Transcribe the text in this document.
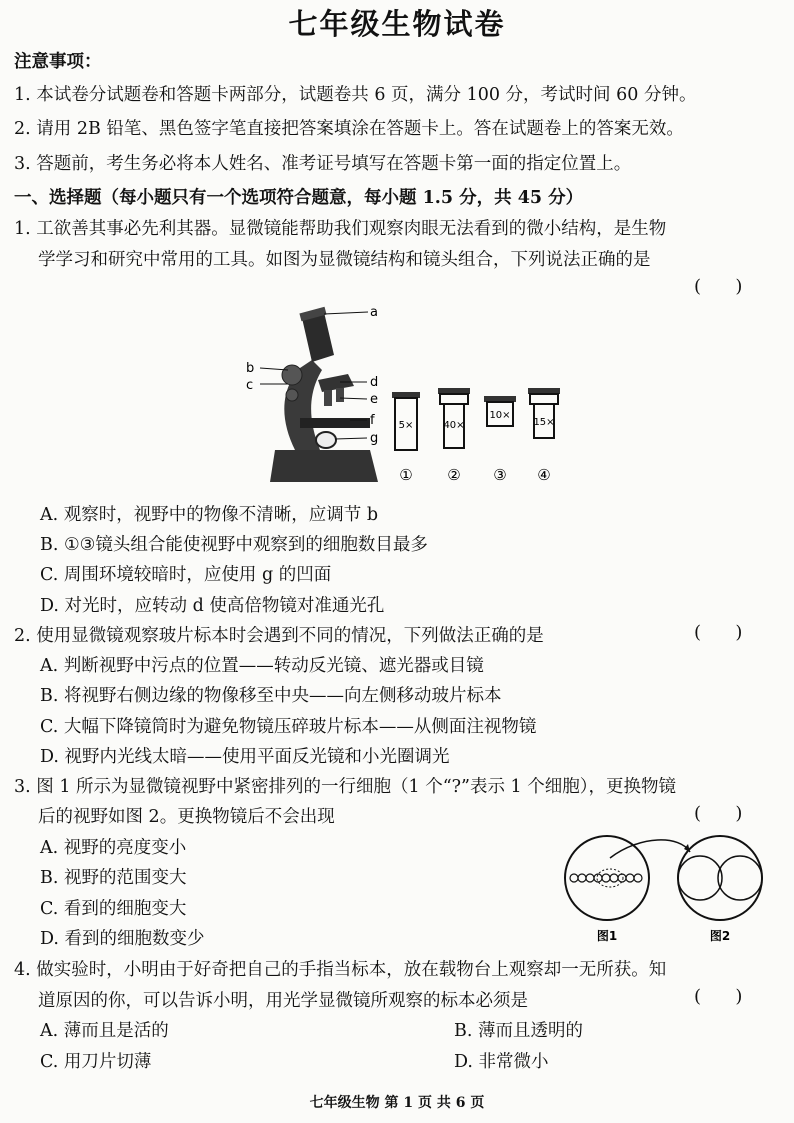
七年级生物试卷
注意事项：
1. 本试卷分试题卷和答题卡两部分，试题卷共 6 页，满分 100 分，考试时间 60 分钟。
2. 请用 2B 铅笔、黑色签字笔直接把答案填涂在答题卡上。答在试题卷上的答案无效。
3. 答题前，考生务必将本人姓名、准考证号填写在答题卡第一面的指定位置上。
一、选择题（每小题只有一个选项符合题意，每小题 1.5 分，共 45 分）
1. 工欲善其事必先利其器。显微镜能帮助我们观察肉眼无法看到的微小结构，是生物
学学习和研究中常用的工具。如图为显微镜结构和镜头组合，下列说法正确的是
(      )
a
b
c	d
e
f
g
5×
①
40×
②
10×
③
15×
④
A. 观察时，视野中的物像不清晰，应调节 b
B. ①③镜头组合能使视野中观察到的细胞数目最多
C. 周围环境较暗时，应使用 g 的凹面
D. 对光时，应转动 d 使高倍物镜对准通光孔
2. 使用显微镜观察玻片标本时会遇到不同的情况，下列做法正确的是	(      )
A. 判断视野中污点的位置——转动反光镜、遮光器或目镜
B. 将视野右侧边缘的物像移至中央——向左侧移动玻片标本
C. 大幅下降镜筒时为避免物镜压碎玻片标本——从侧面注视物镜
D. 视野内光线太暗——使用平面反光镜和小光圈调光
3. 图 1 所示为显微镜视野中紧密排列的一行细胞（1 个“?”表示 1 个细胞），更换物镜
后的视野如图 2。更换物镜后不会出现	(      )
A. 视野的亮度变小
B. 视野的范围变大
C. 看到的细胞变大
D. 看到的细胞数变少	图1	图2
4. 做实验时，小明由于好奇把自己的手指当标本，放在载物台上观察却一无所获。知
道原因的你，可以告诉小明，用光学显微镜所观察的标本必须是	(      )
A. 薄而且是活的	B. 薄而且透明的
C. 用刀片切薄	D. 非常微小
七年级生物 第 1 页 共 6 页
